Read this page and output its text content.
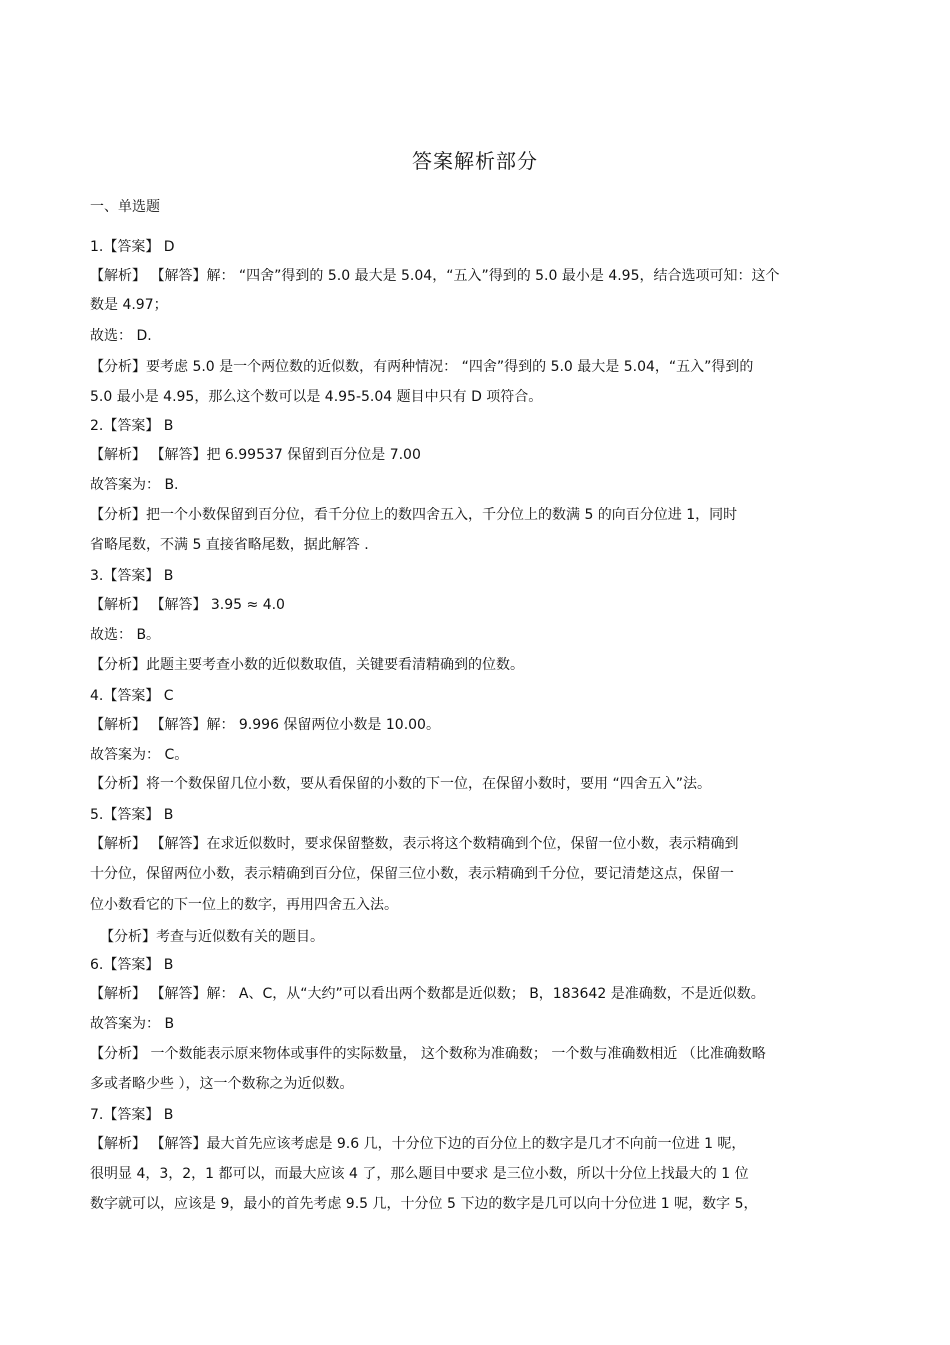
答案解析部分
一、单选题
1.【答案】 D
【解析】 【解答】解： “四舍”得到的 5.0 最大是 5.04，“五入”得到的 5.0 最小是 4.95，结合选项可知：这个
数是 4.97；
故选： D.
【分析】要考虑 5.0 是一个两位数的近似数，有两种情况： “四舍”得到的 5.0 最大是 5.04，“五入”得到的
5.0 最小是 4.95，那么这个数可以是 4.95-5.04 题目中只有 D 项符合。
2.【答案】 B
【解析】 【解答】把 6.99537 保留到百分位是 7.00
故答案为： B.
【分析】把一个小数保留到百分位，看千分位上的数四舍五入，千分位上的数满 5 的向百分位进 1，同时
省略尾数，不满 5 直接省略尾数，据此解答 .
3.【答案】 B
【解析】 【解答】 3.95 ≈ 4.0
故选： B。
【分析】此题主要考查小数的近似数取值，关键要看清精确到的位数。
4.【答案】 C
【解析】 【解答】解： 9.996 保留两位小数是 10.00。
故答案为： C。
【分析】将一个数保留几位小数，要从看保留的小数的下一位，在保留小数时，要用 “四舍五入”法。
5.【答案】 B
【解析】 【解答】在求近似数时，要求保留整数，表示将这个数精确到个位，保留一位小数，表示精确到
十分位，保留两位小数，表示精确到百分位，保留三位小数，表示精确到千分位，要记清楚这点，保留一
位小数看它的下一位上的数字，再用四舍五入法。
【分析】考查与近似数有关的题目。
6.【答案】 B
【解析】 【解答】解： A、C，从“大约”可以看出两个数都是近似数； B，183642 是准确数，不是近似数。
故答案为： B
【分析】 一个数能表示原来物体或事件的实际数量， 这个数称为准确数； 一个数与准确数相近 （比准确数略
多或者略少些 ），这一个数称之为近似数。
7.【答案】 B
【解析】 【解答】最大首先应该考虑是 9.6 几，十分位下边的百分位上的数字是几才不向前一位进 1 呢，
很明显 4，3，2，1 都可以，而最大应该 4 了，那么题目中要求 是三位小数，所以十分位上找最大的 1 位
数字就可以，应该是 9，最小的首先考虑 9.5 几，十分位 5 下边的数字是几可以向十分位进 1 呢，数字 5，
